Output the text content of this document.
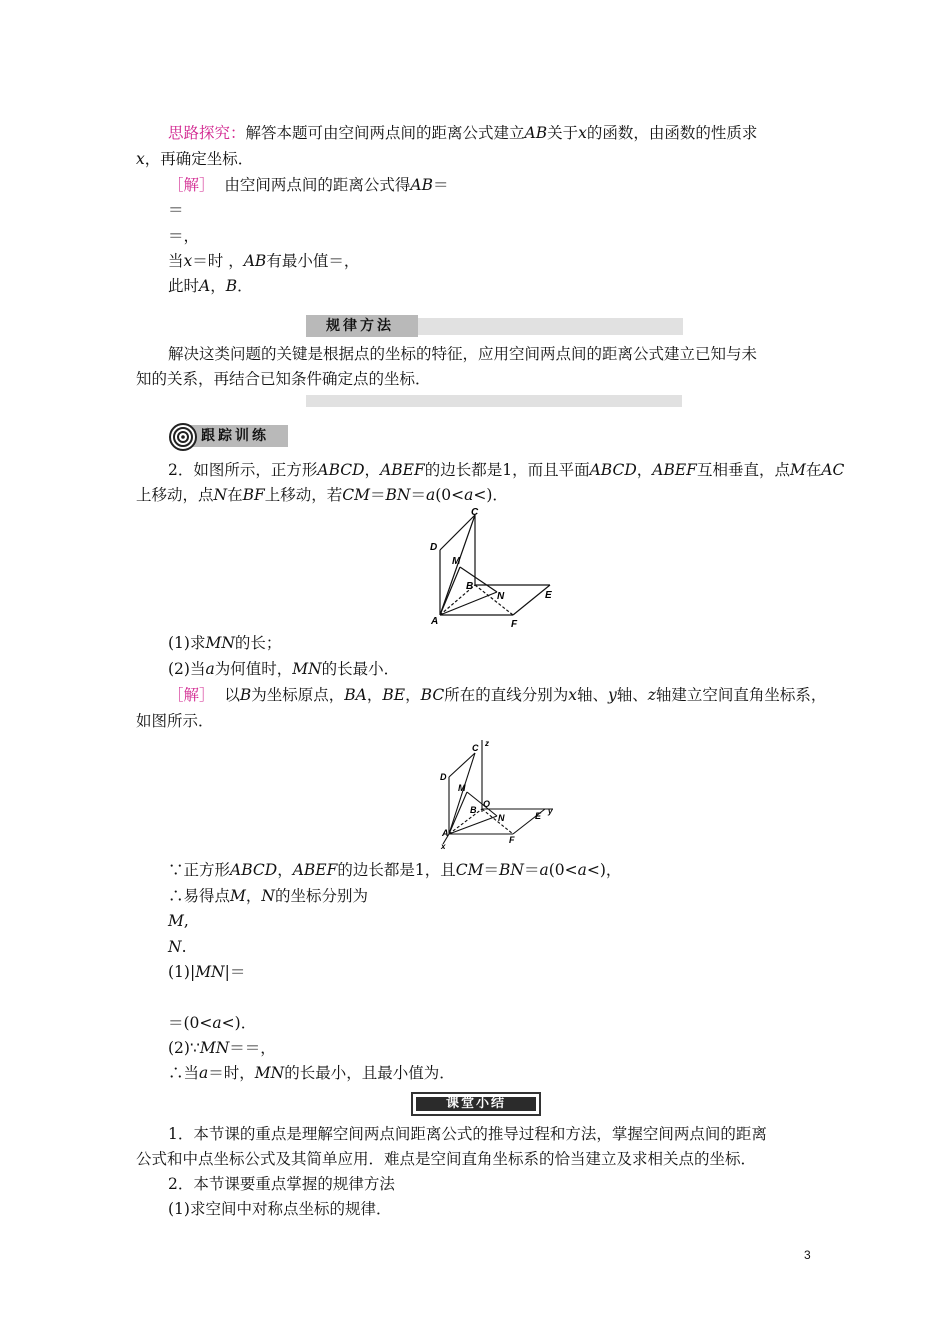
思路探究：解答本题可由空间两点间的距离公式建立AB关于x的函数，由函数的性质求
x，再确定坐标．
［解］ 由空间两点间的距离公式得AB＝
＝
＝，
当x＝时 ，AB有最小值＝，
此时A，B．
规律方法
解决这类问题的关键是根据点的坐标的特征，应用空间两点间的距离公式建立已知与未
知的关系，再结合已知条件确定点的坐标．
跟踪训练
2．如图所示，正方形ABCD，ABEF的边长都是1，而且平面ABCD，ABEF互相垂直，点M在AC
上移动，点N在BF上移动，若CM＝BN＝a(0<a<)．
C
D
M
B
N	E
A	F
(1)求MN的长；
(2)当a为何值时，MN的长最小．
［解］ 以B为坐标原点，BA，BE，BC所在的直线分别为x轴、y轴、z轴建立空间直角坐标系，
如图所示．
C z
D
M
O
B
N	E y
A
F
x
∵正方形ABCD，ABEF的边长都是1，且CM＝BN＝a(0<a<)，
∴易得点M，N的坐标分别为
M,
N.
(1)|MN|＝
＝(0<a<)．
(2)∵MN＝＝，
∴当a＝时，MN的长最小，且最小值为．
课堂小结
1．本节课的重点是理解空间两点间距离公式的推导过程和方法，掌握空间两点间的距离
公式和中点坐标公式及其简单应用．难点是空间直角坐标系的恰当建立及求相关点的坐标．
2．本节课要重点掌握的规律方法
(1)求空间中对称点坐标的规律．
3
